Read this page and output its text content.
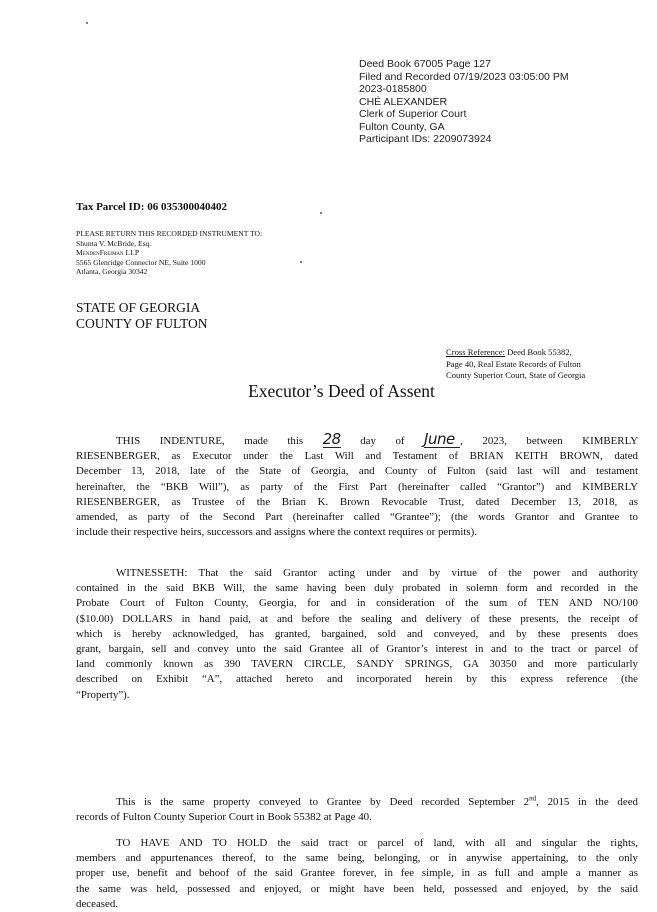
Deed Book 67005 Page 127
Filed and Recorded 07/19/2023 03:05:00 PM
2023-0185800
CHÉ ALEXANDER
Clerk of Superior Court
Fulton County, GA
Participant IDs: 2209073924
Tax Parcel ID: 06 035300040402
PLEASE RETURN THIS RECORDED INSTRUMENT TO:
Shunta V. McBride, Esq.
MendenFreiman LLP
5565 Glenridge Connector NE, Suite 1000
Atlanta, Georgia 30342
STATE OF GEORGIA
COUNTY OF FULTON
Cross Reference: Deed Book 55382,
Page 40, Real Estate Records of Fulton
County Superior Court, State of Georgia
Executor’s Deed of Assent
THIS INDENTURE, made this 28 day of June , 2023, between KIMBERLY
RIESENBERGER, as Executor under the Last Will and Testament of BRIAN KEITH BROWN, dated
December 13, 2018, late of the State of Georgia, and County of Fulton (said last will and testament
hereinafter, the “BKB Will”), as party of the First Part (hereinafter called “Grantor”) and KIMBERLY
RIESENBERGER, as Trustee of the Brian K. Brown Revocable Trust, dated December 13, 2018, as
amended, as party of the Second Part (hereinafter called “Grantee”); (the words Grantor and Grantee to
include their respective heirs, successors and assigns where the context requires or permits).
WITNESSETH: That the said Grantor acting under and by virtue of the power and authority
contained in the said BKB Will, the same having been duly probated in solemn form and recorded in the
Probate Court of Fulton County, Georgia, for and in consideration of the sum of TEN AND NO/100
($10.00) DOLLARS in hand paid, at and before the sealing and delivery of these presents, the receipt of
which is hereby acknowledged, has granted, bargained, sold and conveyed, and by these presents does
grant, bargain, sell and convey unto the said Grantee all of Grantor’s interest in and to the tract or parcel of
land commonly known as 390 TAVERN CIRCLE, SANDY SPRINGS, GA 30350 and more particularly
described on Exhibit “A”, attached hereto and incorporated herein by this express reference (the
“Property”).
This is the same property conveyed to Grantee by Deed recorded September 2nd, 2015 in the deed
records of Fulton County Superior Court in Book 55382 at Page 40.
TO HAVE AND TO HOLD the said tract or parcel of land, with all and singular the rights,
members and appurtenances thereof, to the same being, belonging, or in anywise appertaining, to the only
proper use, benefit and behoof of the said Grantee forever, in fee simple, in as full and ample a manner as
the same was held, possessed and enjoyed, or might have been held, possessed and enjoyed, by the said
deceased.
